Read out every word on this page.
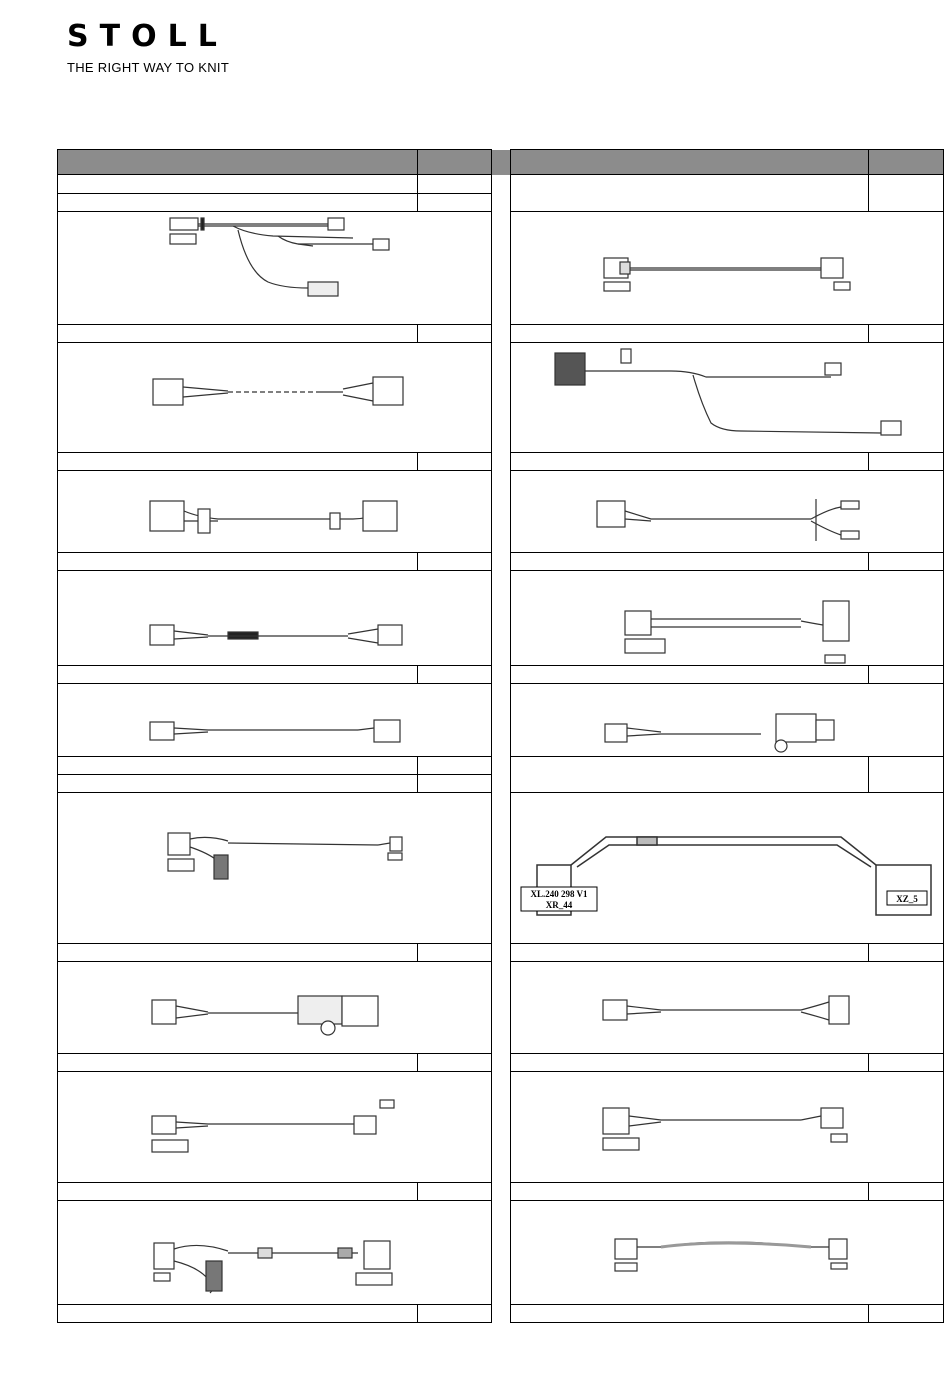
STOLL
THE RIGHT WAY TO KNIT

XL.240 298 V1
XR_44
XZ_5	
